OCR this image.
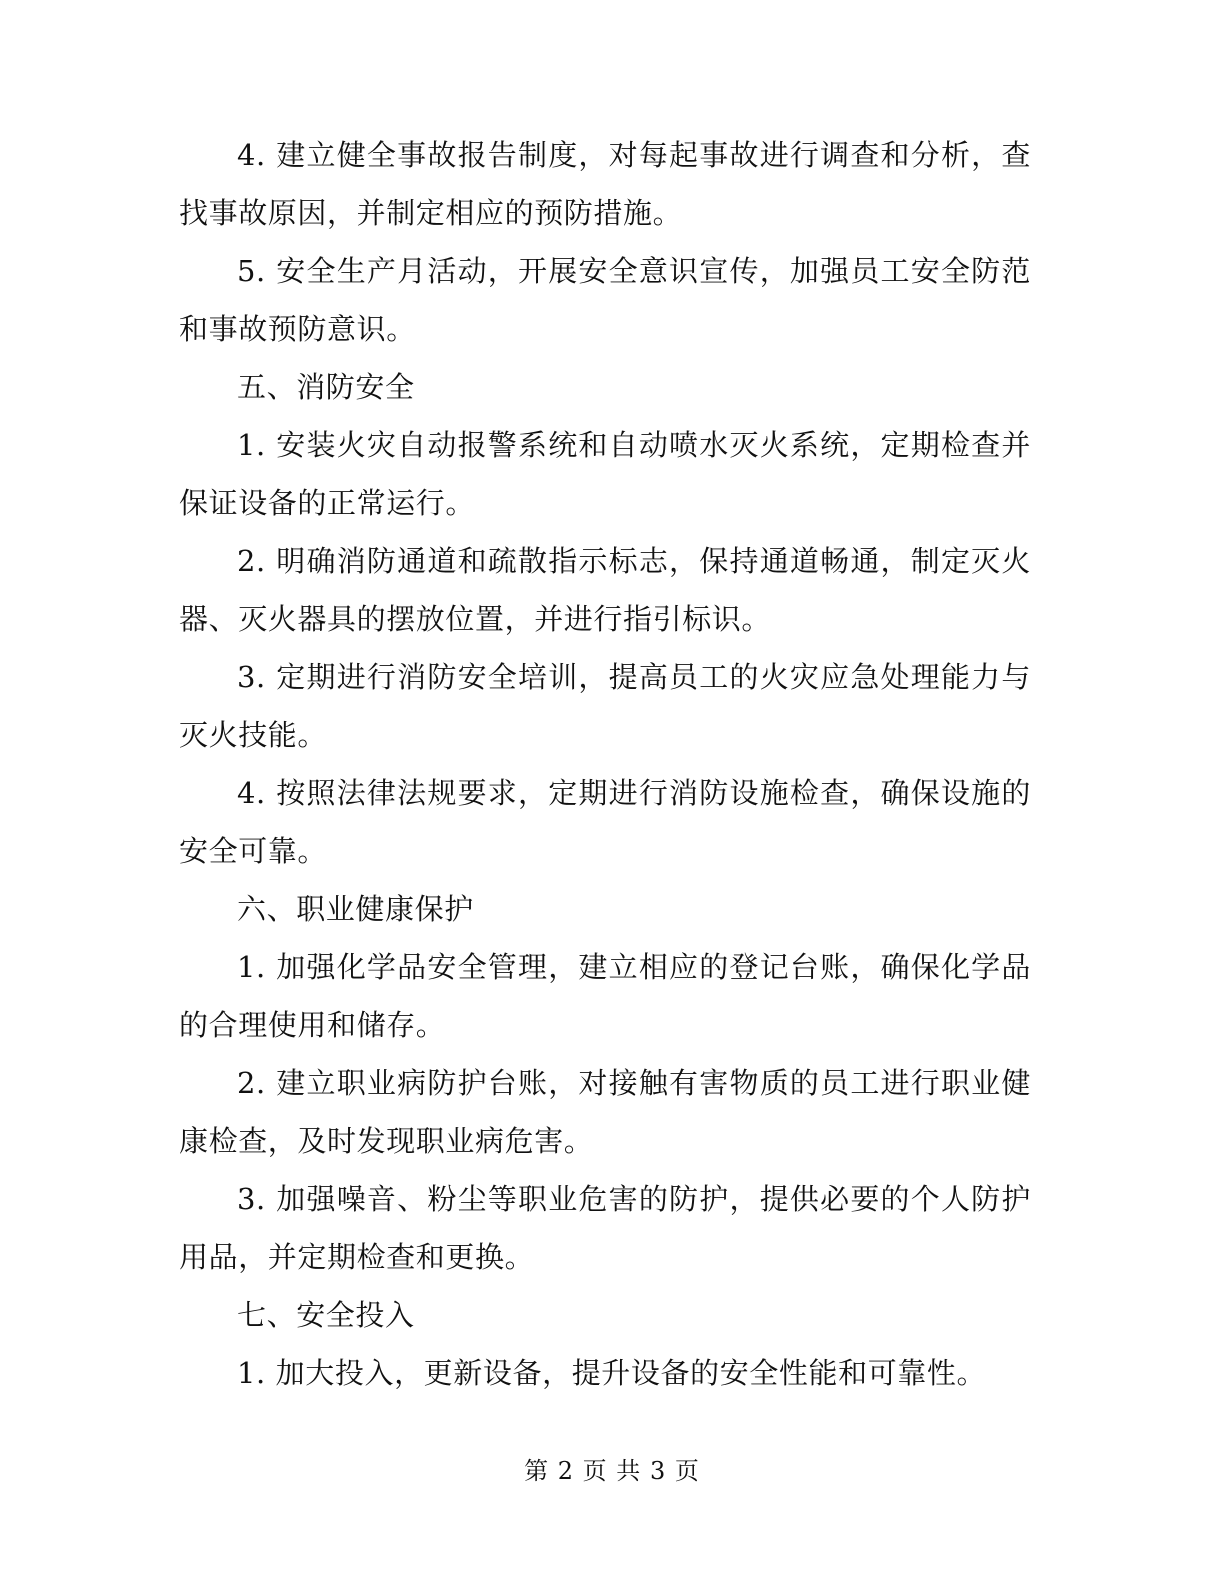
4. 建立健全事故报告制度，对每起事故进行调查和分析，查找事故原因，并制定相应的预防措施。

5. 安全生产月活动，开展安全意识宣传，加强员工安全防范和事故预防意识。

五、消防安全

1. 安装火灾自动报警系统和自动喷水灭火系统，定期检查并保证设备的正常运行。

2. 明确消防通道和疏散指示标志，保持通道畅通，制定灭火器、灭火器具的摆放位置，并进行指引标识。

3. 定期进行消防安全培训，提高员工的火灾应急处理能力与灭火技能。

4. 按照法律法规要求，定期进行消防设施检查，确保设施的安全可靠。

六、职业健康保护

1. 加强化学品安全管理，建立相应的登记台账，确保化学品的合理使用和储存。

2. 建立职业病防护台账，对接触有害物质的员工进行职业健康检查，及时发现职业病危害。

3. 加强噪音、粉尘等职业危害的防护，提供必要的个人防护用品，并定期检查和更换。

七、安全投入

1. 加大投入，更新设备，提升设备的安全性能和可靠性。

第 2 页 共 3 页
